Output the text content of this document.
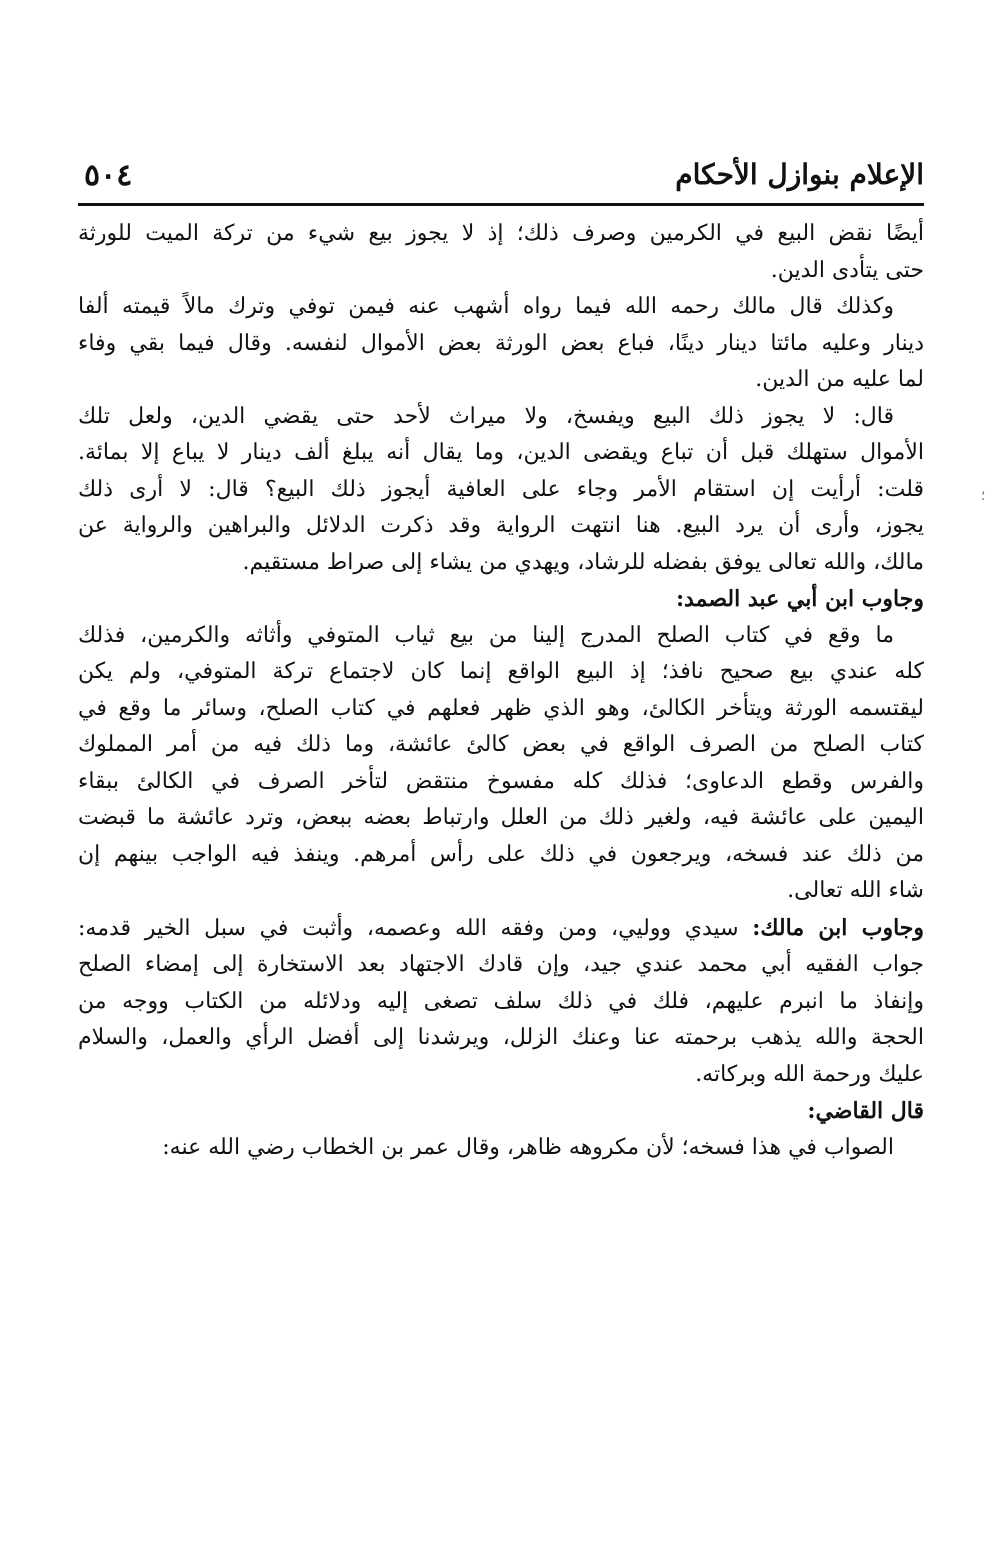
الإعلام بنوازل الأحكام
٥٠٤

أيضًا نقض البيع في الكرمين وصرف ذلك؛ إذ لا يجوز بيع شيء من تركة الميت للورثة
حتى يتأدى الدين.

وكذلك قال مالك رحمه الله فيما رواه أشهب عنه فيمن توفي وترك مالاً قيمته ألفا
دينار وعليه مائتا دينار دينًا، فباع بعض الورثة بعض الأموال لنفسه. وقال فيما بقي وفاء
لما عليه من الدين.

قال: لا يجوز ذلك البيع ويفسخ، ولا ميراث لأحد حتى يقضي الدين، ولعل تلك
الأموال ستهلك قبل أن تباع ويقضى الدين، وما يقال أنه يبلغ ألف دينار لا يباع إلا بمائة.
قلت: أرأيت إن استقام الأمر وجاء على العافية أيجوز ذلك البيع؟ قال: لا أرى ذلك
يجوز، وأرى أن يرد البيع. هنا انتهت الرواية وقد ذكرت الدلائل والبراهين والرواية عن
مالك، والله تعالى يوفق بفضله للرشاد، ويهدي من يشاء إلى صراط مستقيم.

وجاوب ابن أبي عبد الصمد:

ما وقع في كتاب الصلح المدرج إلينا من بيع ثياب المتوفي وأثاثه والكرمين، فذلك
كله عندي بيع صحيح نافذ؛ إذ البيع الواقع إنما كان لاجتماع تركة المتوفي، ولم يكن
ليقتسمه الورثة ويتأخر الكالئ، وهو الذي ظهر فعلهم في كتاب الصلح، وسائر ما وقع في
كتاب الصلح من الصرف الواقع في بعض كالئ عائشة، وما ذلك فيه من أمر المملوك
والفرس وقطع الدعاوى؛ فذلك كله مفسوخ منتقض لتأخر الصرف في الكالئ ببقاء
اليمين على عائشة فيه، ولغير ذلك من العلل وارتباط بعضه ببعض، وترد عائشة ما قبضت
من ذلك عند فسخه، ويرجعون في ذلك على رأس أمرهم. وينفذ فيه الواجب بينهم إن
شاء الله تعالى.

وجاوب ابن مالك: سيدي ووليي، ومن وفقه الله وعصمه، وأثبت في سبل الخير قدمه:
جواب الفقيه أبي محمد عندي جيد، وإن قادك الاجتهاد بعد الاستخارة إلى إمضاء الصلح
وإنفاذ ما انبرم عليهم، فلك في ذلك سلف تصغى إليه ودلائله من الكتاب ووجه من
الحجة والله يذهب برحمته عنا وعنك الزلل، ويرشدنا إلى أفضل الرأي والعمل، والسلام
عليك ورحمة الله وبركاته.

قال القاضي:

الصواب في هذا فسخه؛ لأن مكروهه ظاهر، وقال عمر بن الخطاب رضي الله عنه:

؛
